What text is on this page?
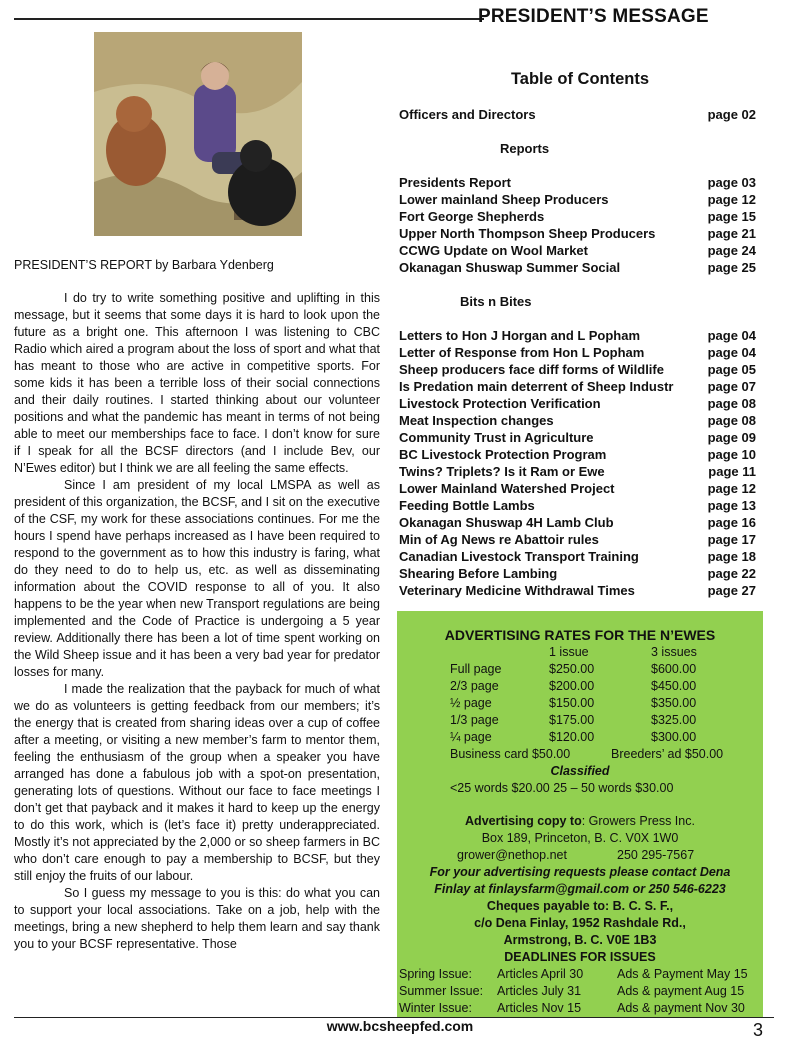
PRESIDENT’S MESSAGE
PRESIDENT’S REPORT by Barbara Ydenberg

I do try to write something positive and uplifting in this message, but it seems that some days it is hard to look upon the future as a bright one. This afternoon I was listening to CBC Radio which aired a program about the loss of sport and what that has meant to those who are active in competitive sports. For some kids it has been a terrible loss of their social connections and their daily routines. I started thinking about our volunteer positions and what the pandemic has meant in terms of not being able to meet our memberships face to face. I don’t know for sure if I speak for all the BCSF directors (and I include Bev, our N’Ewes editor) but I think we are all feeling the same effects.

Since I am president of my local LMSPA as well as president of this organization, the BCSF, and I sit on the executive of the CSF, my work for these associations continues. For me the hours I spend have perhaps increased as I have been required to respond to the government as to how this industry is faring, what do they need to do to help us, etc. as well as disseminating information about the COVID response to all of you. It also happens to be the year when new Transport regulations are being implemented and the Code of Practice is undergoing a 5 year review. Additionally there has been a lot of time spent working on the Wild Sheep issue and it has been a very bad year for predator losses for many.

I made the realization that the payback for much of what we do as volunteers is getting feedback from our members; it’s the energy that is created from sharing ideas over a cup of coffee after a meeting, or visiting a new member’s farm to mentor them, feeling the enthusiasm of the group when a speaker you have arranged has done a fabulous job with a spot-on presentation, generating lots of questions. Without our face to face meetings I don’t get that payback and it makes it hard to keep up the energy to do this work, which is (let’s face it) pretty underappreciated. Mostly it’s not appreciated by the 2,000 or so sheep farmers in BC who don’t care enough to pay a membership to BCSF, but they still enjoy the fruits of our labour.

So I guess my message to you is this: do what you can to support your local associations. Take on a job, help with the meetings, bring a new shepherd to help them learn and say thank you to your BCSF representative. Those

Table of Contents
Officers and Directors	page 02
Reports
Presidents Report	page 03
Lower mainland Sheep Producers	page 12
Fort George Shepherds	page 15
Upper North Thompson Sheep Producers	page 21
CCWG Update on Wool Market	page 24
Okanagan Shuswap Summer Social	page 25
Bits n Bites
Letters to Hon J Horgan and L Popham	page 04
Letter of Response from Hon L Popham	page 04
Sheep producers face diff forms of Wildlife	page 05
Is Predation main deterrent of Sheep Industr	page 07
Livestock Protection Verification	page 08
Meat Inspection changes	page 08
Community Trust in Agriculture	page 09
BC Livestock Protection Program	page 10
Twins? Triplets? Is it Ram or Ewe	page 11
Lower Mainland Watershed Project	page 12
Feeding Bottle Lambs	page 13
Okanagan Shuswap 4H Lamb Club	page 16
Min of Ag News re Abattoir rules	page 17
Canadian Livestock Transport Training	page 18
Shearing Before Lambing	page 22
Veterinary Medicine Withdrawal Times	page 27
ADVERTISING RATES FOR THE N’EWES
1 issue	3 issues
Full page	$250.00	$600.00
2/3 page	$200.00	$450.00
½ page	$150.00	$350.00
1/3 page	$175.00	$325.00
¼ page	$120.00	$300.00
Business card $50.00	Breeders’ ad $50.00
Classified
<25 words $20.00 25 – 50 words $30.00
Advertising copy to: Growers Press Inc.
Box 189, Princeton, B. C. V0X 1W0
grower@nethop.net	250 295-7567
For your advertising requests please contact Dena
Finlay at finlaysfarm@gmail.com or 250 546-6223
Cheques payable to: B. C. S. F.,
c/o Dena Finlay, 1952 Rashdale Rd.,
Armstrong, B. C. V0E 1B3
DEADLINES FOR ISSUES
Spring Issue: Articles April 30	Ads & Payment May 15
Summer Issue: Articles July 31	Ads & payment Aug 15
Winter Issue: Articles Nov 15	Ads & payment Nov 30
www.bcsheepfed.com	3
